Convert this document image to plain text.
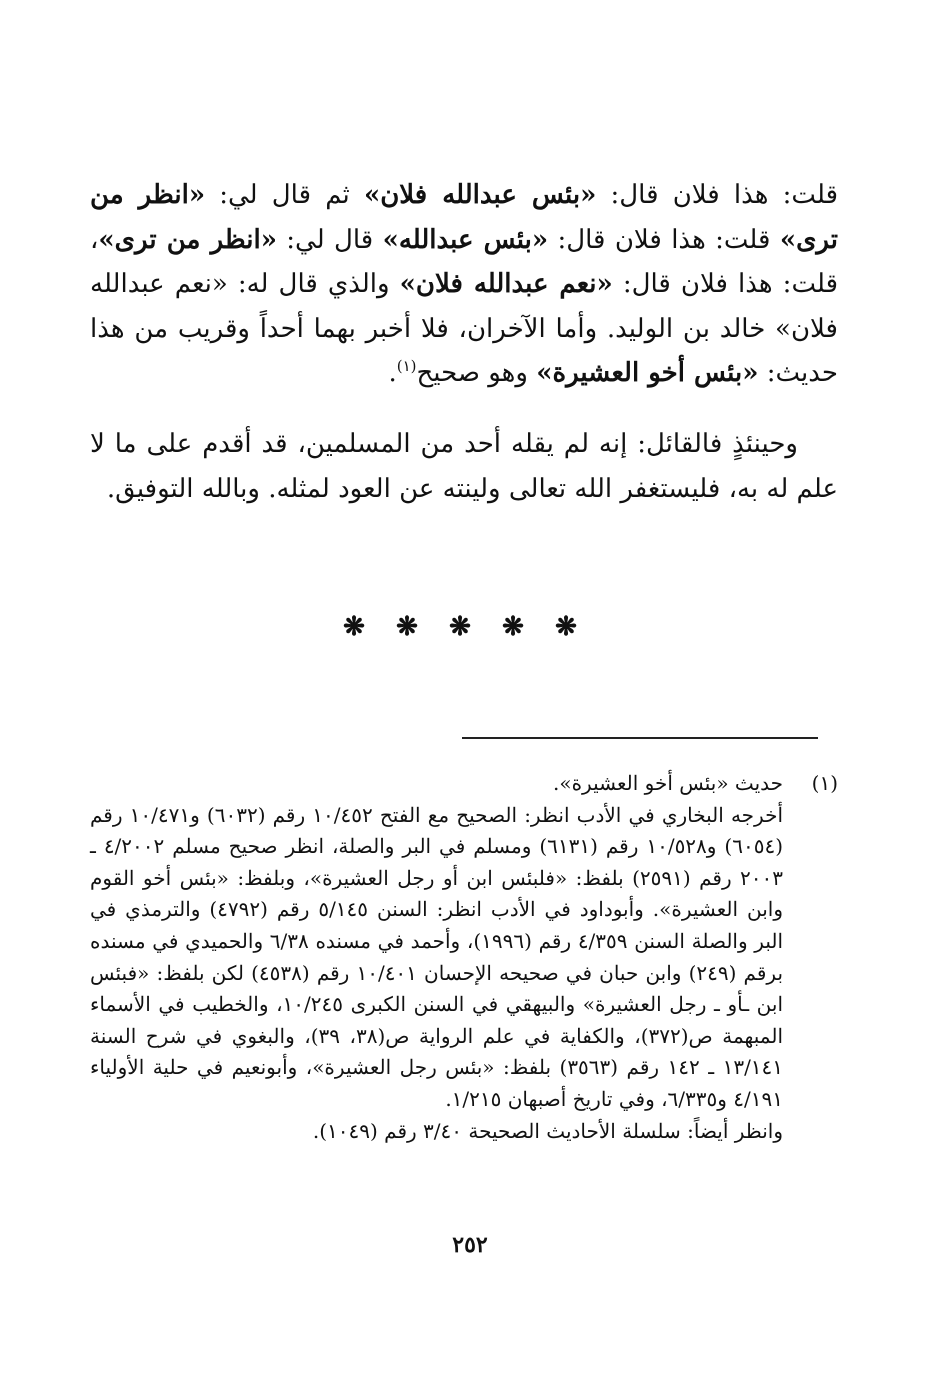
قلت: هذا فلان قال: «بئس عبدالله فلان» ثم قال لي: «انظر من ترى» قلت: هذا فلان قال: «بئس عبدالله» قال لي: «انظر من ترى»، قلت: هذا فلان قال: «نعم عبدالله فلان» والذي قال له: «نعم عبدالله فلان» خالد بن الوليد. وأما الآخران، فلا أخبر بهما أحداً وقريب من هذا حديث: «بئس أخو العشيرة» وهو صحيح$^{(١)}$.

وحينئذٍ فالقائل: إنه لم يقله أحد من المسلمين، قد أقدم على ما لا علم له به، فليستغفر الله تعالى ولينته عن العود لمثله. وبالله التوفيق.

❋ ❋ ❋ ❋ ❋
(١)
حديث «بئس أخو العشيرة».
أخرجه البخاري في الأدب انظر: الصحيح مع الفتح ١٠/٤٥٢ رقم (٦٠٣٢) و١٠/٤٧١ رقم (٦٠٥٤) و١٠/٥٢٨ رقم (٦١٣١) ومسلم في البر والصلة، انظر صحيح مسلم ٤/٢٠٠٢ ـ ٢٠٠٣ رقم (٢٥٩١) بلفظ: «فلبئس ابن أو رجل العشيرة»، وبلفظ: «بئس أخو القوم وابن العشيرة». وأبوداود في الأدب انظر: السنن ٥/١٤٥ رقم (٤٧٩٢) والترمذي في البر والصلة السنن ٤/٣٥٩ رقم (١٩٩٦)، وأحمد في مسنده ٦/٣٨ والحميدي في مسنده برقم (٢٤٩) وابن حبان في صحيحه الإحسان ١٠/٤٠١ رقم (٤٥٣٨) لكن بلفظ: «فبئس ابن ـأو ـ رجل العشيرة» والبيهقي في السنن الكبرى ١٠/٢٤٥، والخطيب في الأسماء المبهمة ص(٣٧٢)، والكفاية في علم الرواية ص(٣٨، ٣٩)، والبغوي في شرح السنة ١٣/١٤١ ـ ١٤٢ رقم (٣٥٦٣) بلفظ: «بئس رجل العشيرة»، وأبونعيم في حلية الأولياء ٤/١٩١ و٦/٣٣٥، وفي تاريخ أصبهان ١/٢١٥.
وانظر أيضاً: سلسلة الأحاديث الصحيحة ٣/٤٠ رقم (١٠٤٩).
٢٥٢
